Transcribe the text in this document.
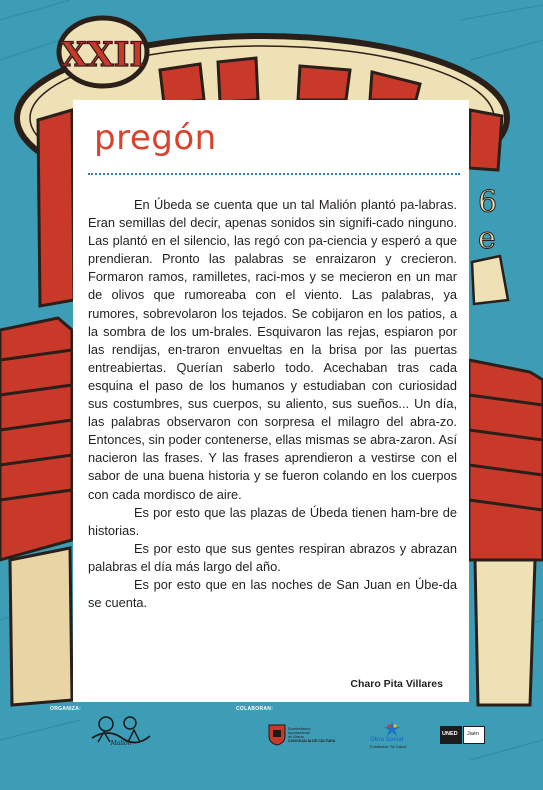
XXII
6
e
pregón

En Úbeda se cuenta que un tal Malión plantó pa-labras. Eran semillas del decir, apenas sonidos sin signifi-cado ninguno. Las plantó en el silencio, las regó con pa-ciencia y esperó a que prendieran. Pronto las palabras se enraizaron y crecieron. Formaron ramos, ramilletes, raci-mos y se mecieron en un mar de olivos que rumoreaba con el viento. Las palabras, ya rumores, sobrevolaron los tejados. Se cobijaron en los patios, a la sombra de los um-brales. Esquivaron las rejas, espiaron por las rendijas, en-traron envueltas en la brisa por las puertas entreabiertas. Querían saberlo todo. Acechaban tras cada esquina el paso de los humanos y estudiaban con curiosidad sus costumbres, sus cuerpos, su aliento, sus sueños... Un día, las palabras observaron con sorpresa el milagro del abra-zo. Entonces, sin poder contenerse, ellas mismas se abra-zaron. Así nacieron las frases. Y las frases aprendieron a vestirse con el sabor de una buena historia y se fueron colando en los cuerpos con cada mordisco de aire.

Es por esto que las plazas de Úbeda tienen ham-bre de historias.

Es por esto que sus gentes respiran abrazos y abrazan palabras el día más largo del año.

Es por esto que en las noches de San Juan en Úbe-da se cuenta.

Charo Pita Villares
ORGANIZA:	COLABORAN:
Malión
Excelentísimo
Ayuntamiento
de Úbeda
CONCEJALÍA DE CULTURA	Obra Social
Fundación "la Caixa"
UNED Jaén
